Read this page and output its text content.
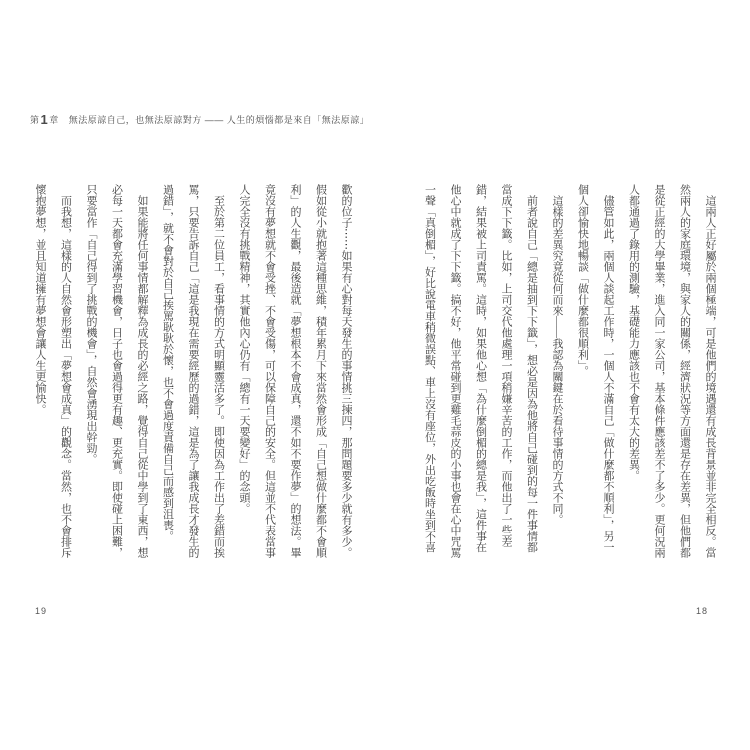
第1章 無法原諒自己，也無法原諒對方 —— 人生的煩惱都是來自「無法原諒」

這兩人正好屬於兩個極端，可是他們的境遇還有成長背景並非完全相反。當然兩人的家庭環境，與家人的關係，經濟狀況等方面還是存在差異，但他們都是從正經的大學畢業，進入同一家公司，基本條件應該差不了多少。更何況兩人都通過了錄用的測驗，基礎能力應該也不會有太大的差異。

儘管如此，兩個人談起工作時，一個人不滿自己「做什麼都不順利」，另一個人卻愉快地暢談「做什麼都很順利」。

這樣的差異究竟從何而來——我認為關鍵在於看待事情的方式不同。

前者說自己「總是抽到下下籤」，想必是因為他將自己碰到的每一件事情都當成下下籤。比如，上司交代他處理一項稍嫌辛苦的工作，而他出了一些差錯，結果被上司責罵。這時，如果他心想「為什麼倒楣的總是我」，這件事在他心中就成了下下籤。搞不好，他平常碰到更雞毛蒜皮的小事也會在心中咒罵一聲「真倒楣」，好比說電車稍微誤點、車上沒有座位，外出吃飯時坐到不喜

歡的位子⋯⋯如果有心對每天發生的事情挑三揀四，那問題要多少就有多少。假如從小就抱著這種思維，積年累月下來當然會形成「自己想做什麼都不會順利」的人生觀，最後造就「夢想根本不會成真，還不如不要作夢」的想法。畢竟沒有夢想就不會受挫、不會受傷，可以保障自己的安全。但這並不代表當事人完全沒有挑戰精神，其實他內心仍有「總有一天要變好」的念頭。

至於第二位員工，看事情的方式明顯靈活多了。即使因為工作出了差錯而挨罵，只要告訴自己「這是我現在需要經歷的過錯，這是為了讓我成長才發生的過錯」，就不會對於自己挨罵耿耿於懷，也不會過度責備自己而感到沮喪。

如果能將任何事情都解釋為成長的必經之路，覺得自己從中學到了東西，想必每一天都會充滿學習機會，日子也會過得更有趣、更充實。即使碰上困難，只要當作「自己得到了挑戰的機會」，自然會湧現出幹勁。

而我想，這樣的人自然會形塑出「夢想會成真」的觀念。當然，也不會排斥懷抱夢想，並且知道擁有夢想會讓人生更愉快。

19	18
